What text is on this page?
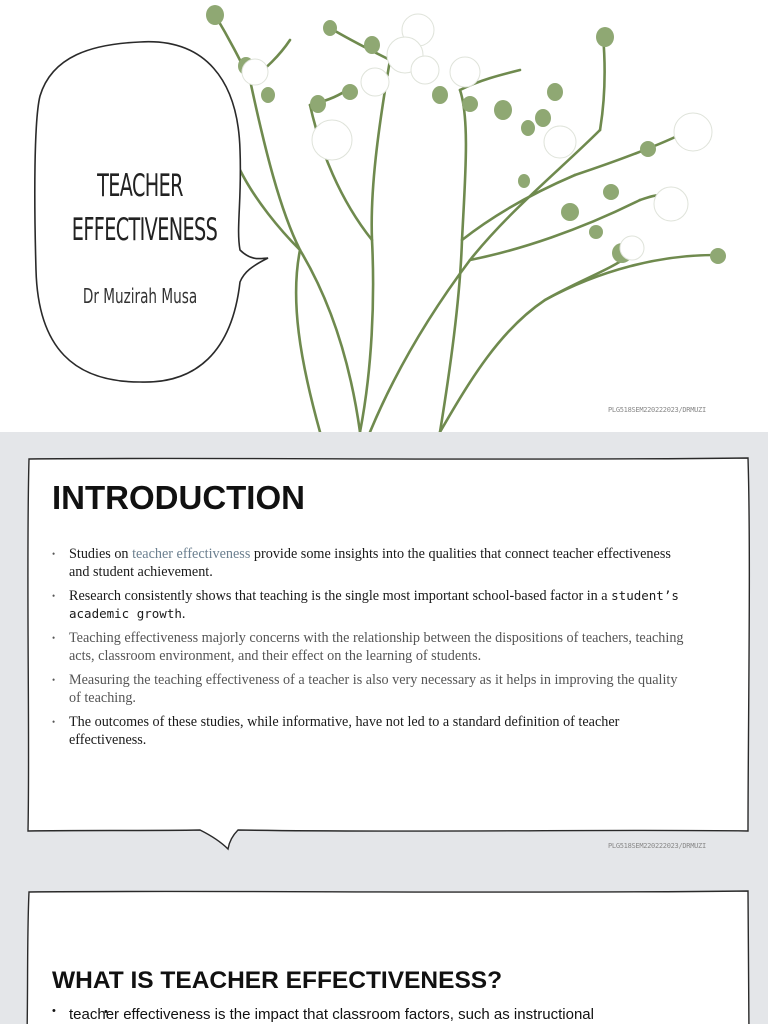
TEACHER
EFFECTIVENESS
Dr Muzirah Musa
PLG518SEM220222023/DRMUZI
INTRODUCTION
• Studies on teacher effectiveness provide some insights into the qualities that connect teacher effectiveness and student achievement.
• Research consistently shows that teaching is the single most important school-based factor in a student’s academic growth.
• Teaching effectiveness majorly concerns with the relationship between the dispositions of teachers, teaching acts, classroom environment, and their effect on the learning of students.
• Measuring the teaching effectiveness of a teacher is also very necessary as it helps in improving the quality of teaching.
• The outcomes of these studies, while informative, have not led to a standard definition of teacher effectiveness.
PLG518SEM220222023/DRMUZI
WHAT IS TEACHER EFFECTIVENESS?
• • teacher effectiveness is the impact that classroom factors, such as instructional
